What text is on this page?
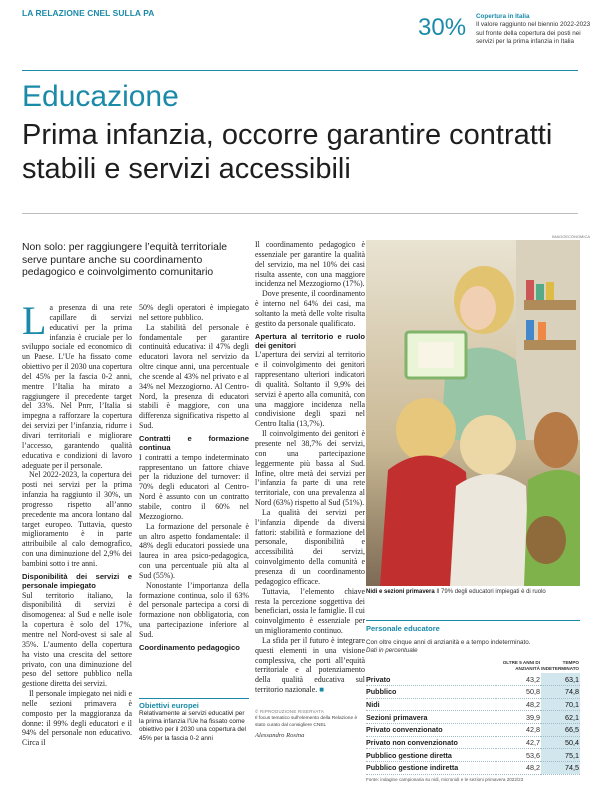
LA RELAZIONE CNEL SULLA PA
30% Copertura in Italia
Il valore raggiunto nel biennio 2022-2023 sul fronte della copertura dei posti nei servizi per la prima infanzia in Italia
Educazione
Prima infanzia, occorre garantire contratti stabili e servizi accessibili
Non solo: per raggiungere l’equità territoriale serve puntare anche su coordinamento pedagogico e coinvolgimento comunitario

La presenza di una rete capillare di servizi educativi per la prima infanzia è cruciale per lo sviluppo sociale ed economico di un Paese. L’Ue ha fissato come obiettivo per il 2030 una copertura del 45% per la fascia 0-2 anni, mentre l’Italia ha mirato a raggiungere il precedente target del 33%. Nel Pnrr, l’Italia si impegna a rafforzare la copertura dei servizi per l’infanzia, ridurre i divari territoriali e migliorare l’accesso, garantendo qualità educativa e condizioni di lavoro adeguate per il personale.

Nel 2022-2023, la copertura dei posti nei servizi per la prima infanzia ha raggiunto il 30%, un progresso rispetto all’anno precedente ma ancora lontano dal target europeo. Tuttavia, questo miglioramento è in parte attribuibile al calo demografico, con una diminuzione del 2,9% dei bambini sotto i tre anni.

Disponibilità dei servizi e personale impiegato

Sul territorio italiano, la disponibilità di servizi è disomogenea: al Sud e nelle isole la copertura è solo del 17%, mentre nel Nord-ovest si sale al 35%. L’aumento della copertura ha visto una crescita del settore privato, con una diminuzione del peso del settore pubblico nella gestione diretta dei servizi.

Il personale impiegato nei nidi e nelle sezioni primavera è composto per la maggioranza da donne: il 99% degli educatori e il 94% del personale non educativo. Circa il

50% degli operatori è impiegato nel settore pubblico.

La stabilità del personale è fondamentale per garantire continuità educativa: il 47% degli educatori lavora nel servizio da oltre cinque anni, una percentuale che scende al 43% nel privato e al 34% nel Mezzogiorno. Al Centro-Nord, la presenza di educatori stabili è maggiore, con una differenza significativa rispetto al Sud.

Contratti e formazione continua

I contratti a tempo indeterminato rappresentano un fattore chiave per la riduzione del turnover: il 70% degli educatori al Centro-Nord è assunto con un contratto stabile, contro il 60% nel Mezzogiorno.

La formazione del personale è un altro aspetto fondamentale: il 48% degli educatori possiede una laurea in area psico-pedagogica, con una percentuale più alta al Sud (55%).

Nonostante l’importanza della formazione continua, solo il 63% del personale partecipa a corsi di formazione non obbligatoria, con una partecipazione inferiore al Sud.

Coordinamento pedagogico

Obiettivi europei
Relativamente ai servizi educativi per la prima infanzia l’Ue ha fissato come obiettivo per il 2030 una copertura del 45% per la fascia 0-2 anni

Il coordinamento pedagogico è essenziale per garantire la qualità del servizio, ma nel 10% dei casi risulta assente, con una maggiore incidenza nel Mezzogiorno (17%).

Dove presente, il coordinamento è interno nel 64% dei casi, ma soltanto la metà delle volte risulta gestito da personale qualificato.

Apertura al territorio e ruolo dei genitori

L’apertura dei servizi al territorio e il coinvolgimento dei genitori rappresentano ulteriori indicatori di qualità. Soltanto il 9,9% dei servizi è aperto alla comunità, con una maggiore incidenza nella condivisione degli spazi nel Centro Italia (13,7%).

Il coinvolgimento dei genitori è presente nel 38,7% dei servizi, con una partecipazione leggermente più bassa al Sud. Infine, oltre metà dei servizi per l’infanzia fa parte di una rete territoriale, con una prevalenza al Nord (63%) rispetto al Sud (51%).

La qualità dei servizi per l’infanzia dipende da diversi fattori: stabilità e formazione del personale, disponibilità e accessibilità dei servizi, coinvolgimento della comunità e presenza di un coordinamento pedagogico efficace.

Tuttavia, l’elemento chiave resta la percezione soggettiva dei beneficiari, ossia le famiglie. Il cui coinvolgimento è essenziale per un miglioramento continuo.

La sfida per il futuro è integrare questi elementi in una visione complessiva, che porti all’equità territoriale e al potenziamento della qualità educativa sul territorio nazionale. ■

© RIPRODUZIONE RISERVATA
Il focus tematico sull’elemento della Relazione è stato curato dal consigliere CNEL
Alessandro Rosina
IMAGOECONOMICA
Nidi e sezioni primavera Il 79% degli educatori impiegati è di ruolo
Personale educatore
Con oltre cinque anni di anzianità e a tempo indeterminato.
Dati in percentuale
	OLTRE 5 ANNI DI ANZIANITÀ	TEMPO INDETERMINATO
Privato	43,2	63,1
Pubblico	50,8	74,8
Nidi	48,2	70,1
Sezioni primavera	39,9	62,1
Privato convenzionato	42,8	66,5
Privato non convenzionato	42,7	50,4
Pubblico gestione diretta	53,6	75,1
Pubblico gestione indiretta	48,2	74,5
Fonte: indagine campionaria su nidi, micronidi e le sezioni primavera 2022/23
